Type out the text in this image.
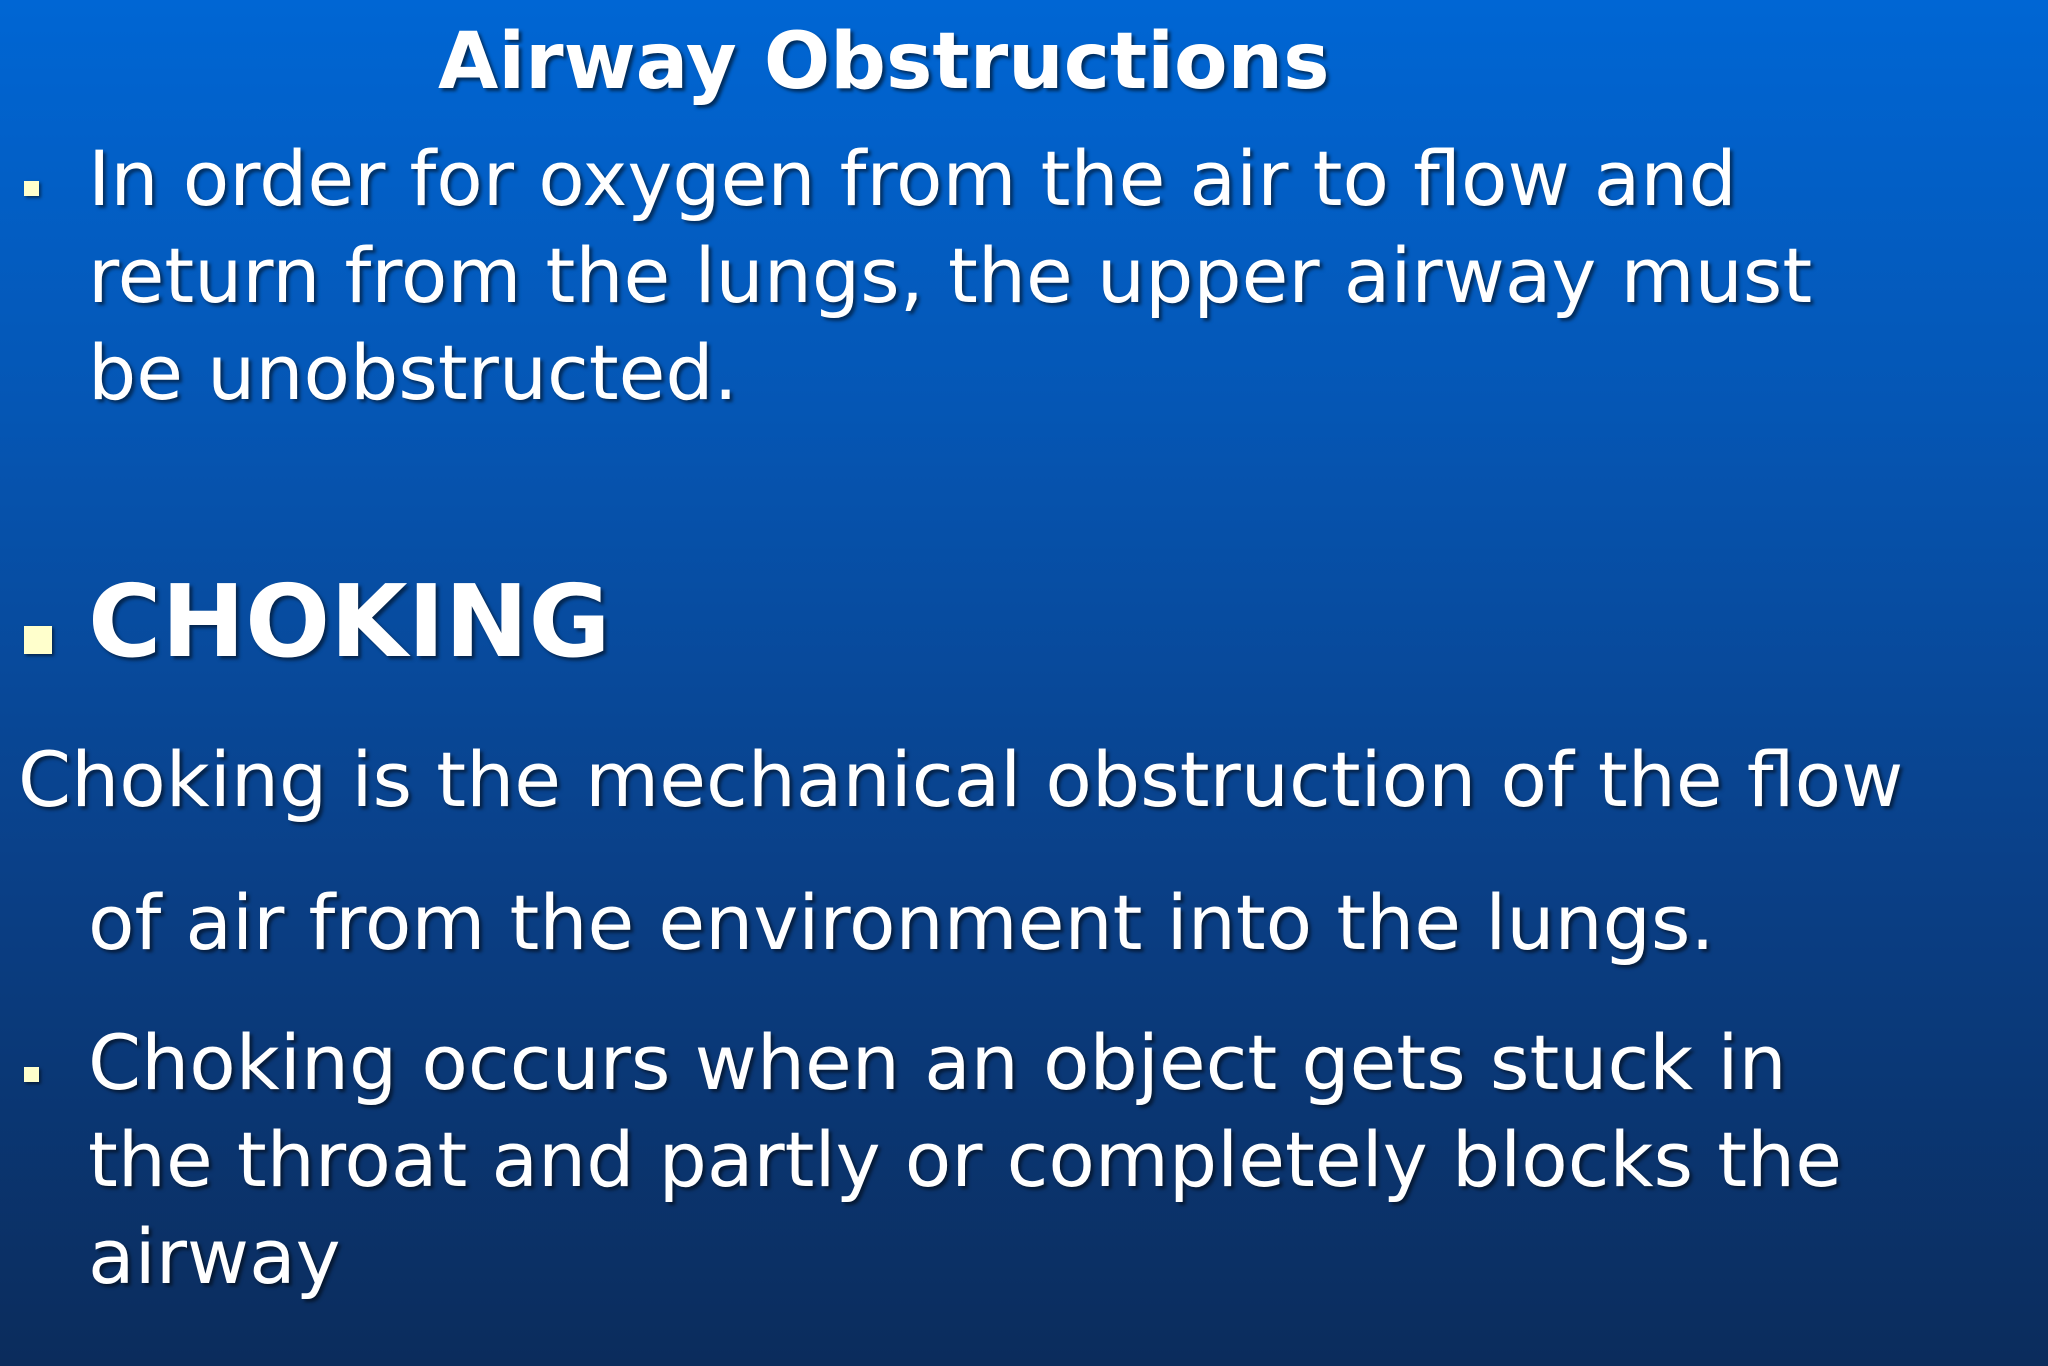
Airway Obstructions

In order for oxygen from the air to flow and
return from the lungs, the upper airway must
be unobstructed.

CHOKING

Choking is the mechanical obstruction of the flow

of air from the environment into the lungs.

Choking occurs when an object gets stuck in
the throat and partly or completely blocks the
airway
